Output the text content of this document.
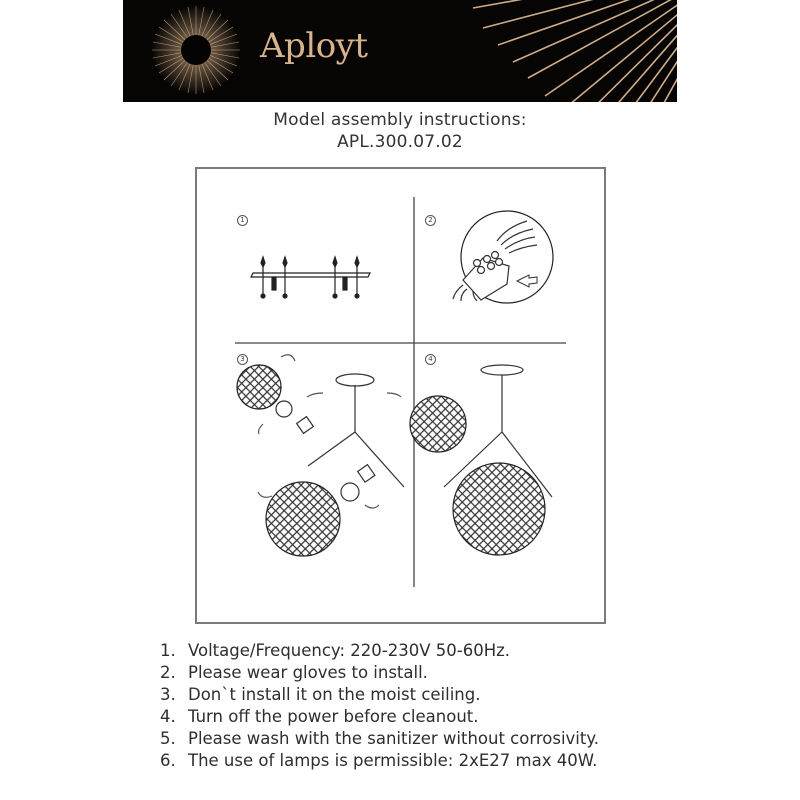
Aployt
Model assembly instructions:
APL.300.07.02
1	2
3	4
1. Voltage/Frequency: 220-230V 50-60Hz.
2. Please wear gloves to install.
3. Don`t install it on the moist ceiling.
4. Turn off the power before cleanout.
5. Please wash with the sanitizer without corrosivity.
6. The use of lamps is permissible: 2xE27 max 40W.
